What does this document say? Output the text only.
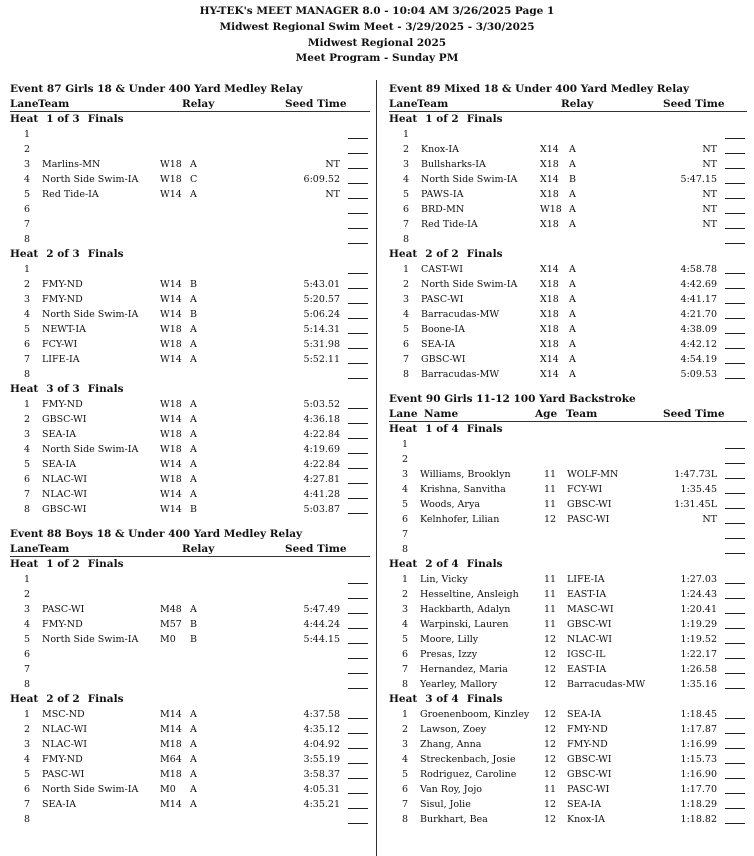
HY-TEK's MEET MANAGER 8.0 - 10:04 AM 3/26/2025 Page 1
Midwest Regional Swim Meet - 3/29/2025 - 3/30/2025
Midwest Regional 2025
Meet Program - Sunday PM
Event 87 Girls 18 & Under 400 Yard Medley Relay
Lane Team	Relay	Seed Time
Heat 1 of 3 Finals
1
2
3 Marlins-MN	W18 A	NT
4 North Side Swim-IA W18 C	6:09.52
5 Red Tide-IA	W14 A	NT
6
7
8
Heat 2 of 3 Finals
1
2 FMY-ND	W14 B	5:43.01
3 FMY-ND	W14 A	5:20.57
4 North Side Swim-IA W14 B	5:06.24
5 NEWT-IA	W18 A	5:14.31
6 FCY-WI	W18 A	5:31.98
7 LIFE-IA	W14 A	5:52.11
8
Heat 3 of 3 Finals
1 FMY-ND	W18 A	5:03.52
2 GBSC-WI	W14 A	4:36.18
3 SEA-IA	W18 A	4:22.84
4 North Side Swim-IA W18 A	4:19.69
5 SEA-IA	W14 A	4:22.84
6 NLAC-WI	W18 A	4:27.81
7 NLAC-WI	W14 A	4:41.28
8 GBSC-WI	W14 B	5:03.87
Event 88 Boys 18 & Under 400 Yard Medley Relay
Lane Team	Relay	Seed Time
Heat 1 of 2 Finals
1
2
3 PASC-WI	M48 A	5:47.49
4 FMY-ND	M57 B	4:44.24
5 North Side Swim-IA M0 B	5:44.15
6
7
8
Heat 2 of 2 Finals
1 MSC-ND	M14 A	4:37.58
2 NLAC-WI	M14 A	4:35.12
3 NLAC-WI	M18 A	4:04.92
4 FMY-ND	M64 A	3:55.19
5 PASC-WI	M18 A	3:58.37
6 North Side Swim-IA M0 A	4:05.31
7 SEA-IA	M14 A	4:35.21
8
Event 89 Mixed 18 & Under 400 Yard Medley Relay
Lane Team	Relay	Seed Time
Heat 1 of 2 Finals
1
2 Knox-IA	X14 A	NT
3 Bullsharks-IA	X18 A	NT
4 North Side Swim-IA X14 B	5:47.15
5 PAWS-IA	X18 A	NT
6 BRD-MN	W18 A	NT
7 Red Tide-IA	X18 A	NT
8
Heat 2 of 2 Finals
1 CAST-WI	X14 A	4:58.78
2 North Side Swim-IA X18 A	4:42.69
3 PASC-WI	X18 A	4:41.17
4 Barracudas-MW	X18 A	4:21.70
5 Boone-IA	X18 A	4:38.09
6 SEA-IA	X18 A	4:42.12
7 GBSC-WI	X14 A	4:54.19
8 Barracudas-MW	X14 A	5:09.53
Event 90 Girls 11-12 100 Yard Backstroke
Lane Name	Age Team	Seed Time
Heat 1 of 4 Finals
1
2
3 Williams, Brooklyn	11 WOLF-MN	1:47.73L
4 Krishna, Sanvitha	11 FCY-WI	1:35.45
5 Woods, Arya	11 GBSC-WI	1:31.45L
6 Kelnhofer, Lilian	12 PASC-WI	NT
7
8
Heat 2 of 4 Finals
1 Lin, Vicky	11 LIFE-IA	1:27.03
2 Hesseltine, Ansleigh	11 EAST-IA	1:24.43
3 Hackbarth, Adalyn	11 MASC-WI	1:20.41
4 Warpinski, Lauren	11 GBSC-WI	1:19.29
5 Moore, Lilly	12 NLAC-WI	1:19.52
6 Presas, Izzy	12 IGSC-IL	1:22.17
7 Hernandez, Maria	12 EAST-IA	1:26.58
8 Yearley, Mallory	12 Barracudas-MW	1:35.16
Heat 3 of 4 Finals
1 Groenenboom, Kinzley 12 SEA-IA	1:18.45
2 Lawson, Zoey	12 FMY-ND	1:17.87
3 Zhang, Anna	12 FMY-ND	1:16.99
4 Streckenbach, Josie	12 GBSC-WI	1:15.73
5 Rodriguez, Caroline	12 GBSC-WI	1:16.90
6 Van Roy, Jojo	11 PASC-WI	1:17.70
7 Sisul, Jolie	12 SEA-IA	1:18.29
8 Burkhart, Bea	12 Knox-IA	1:18.82
